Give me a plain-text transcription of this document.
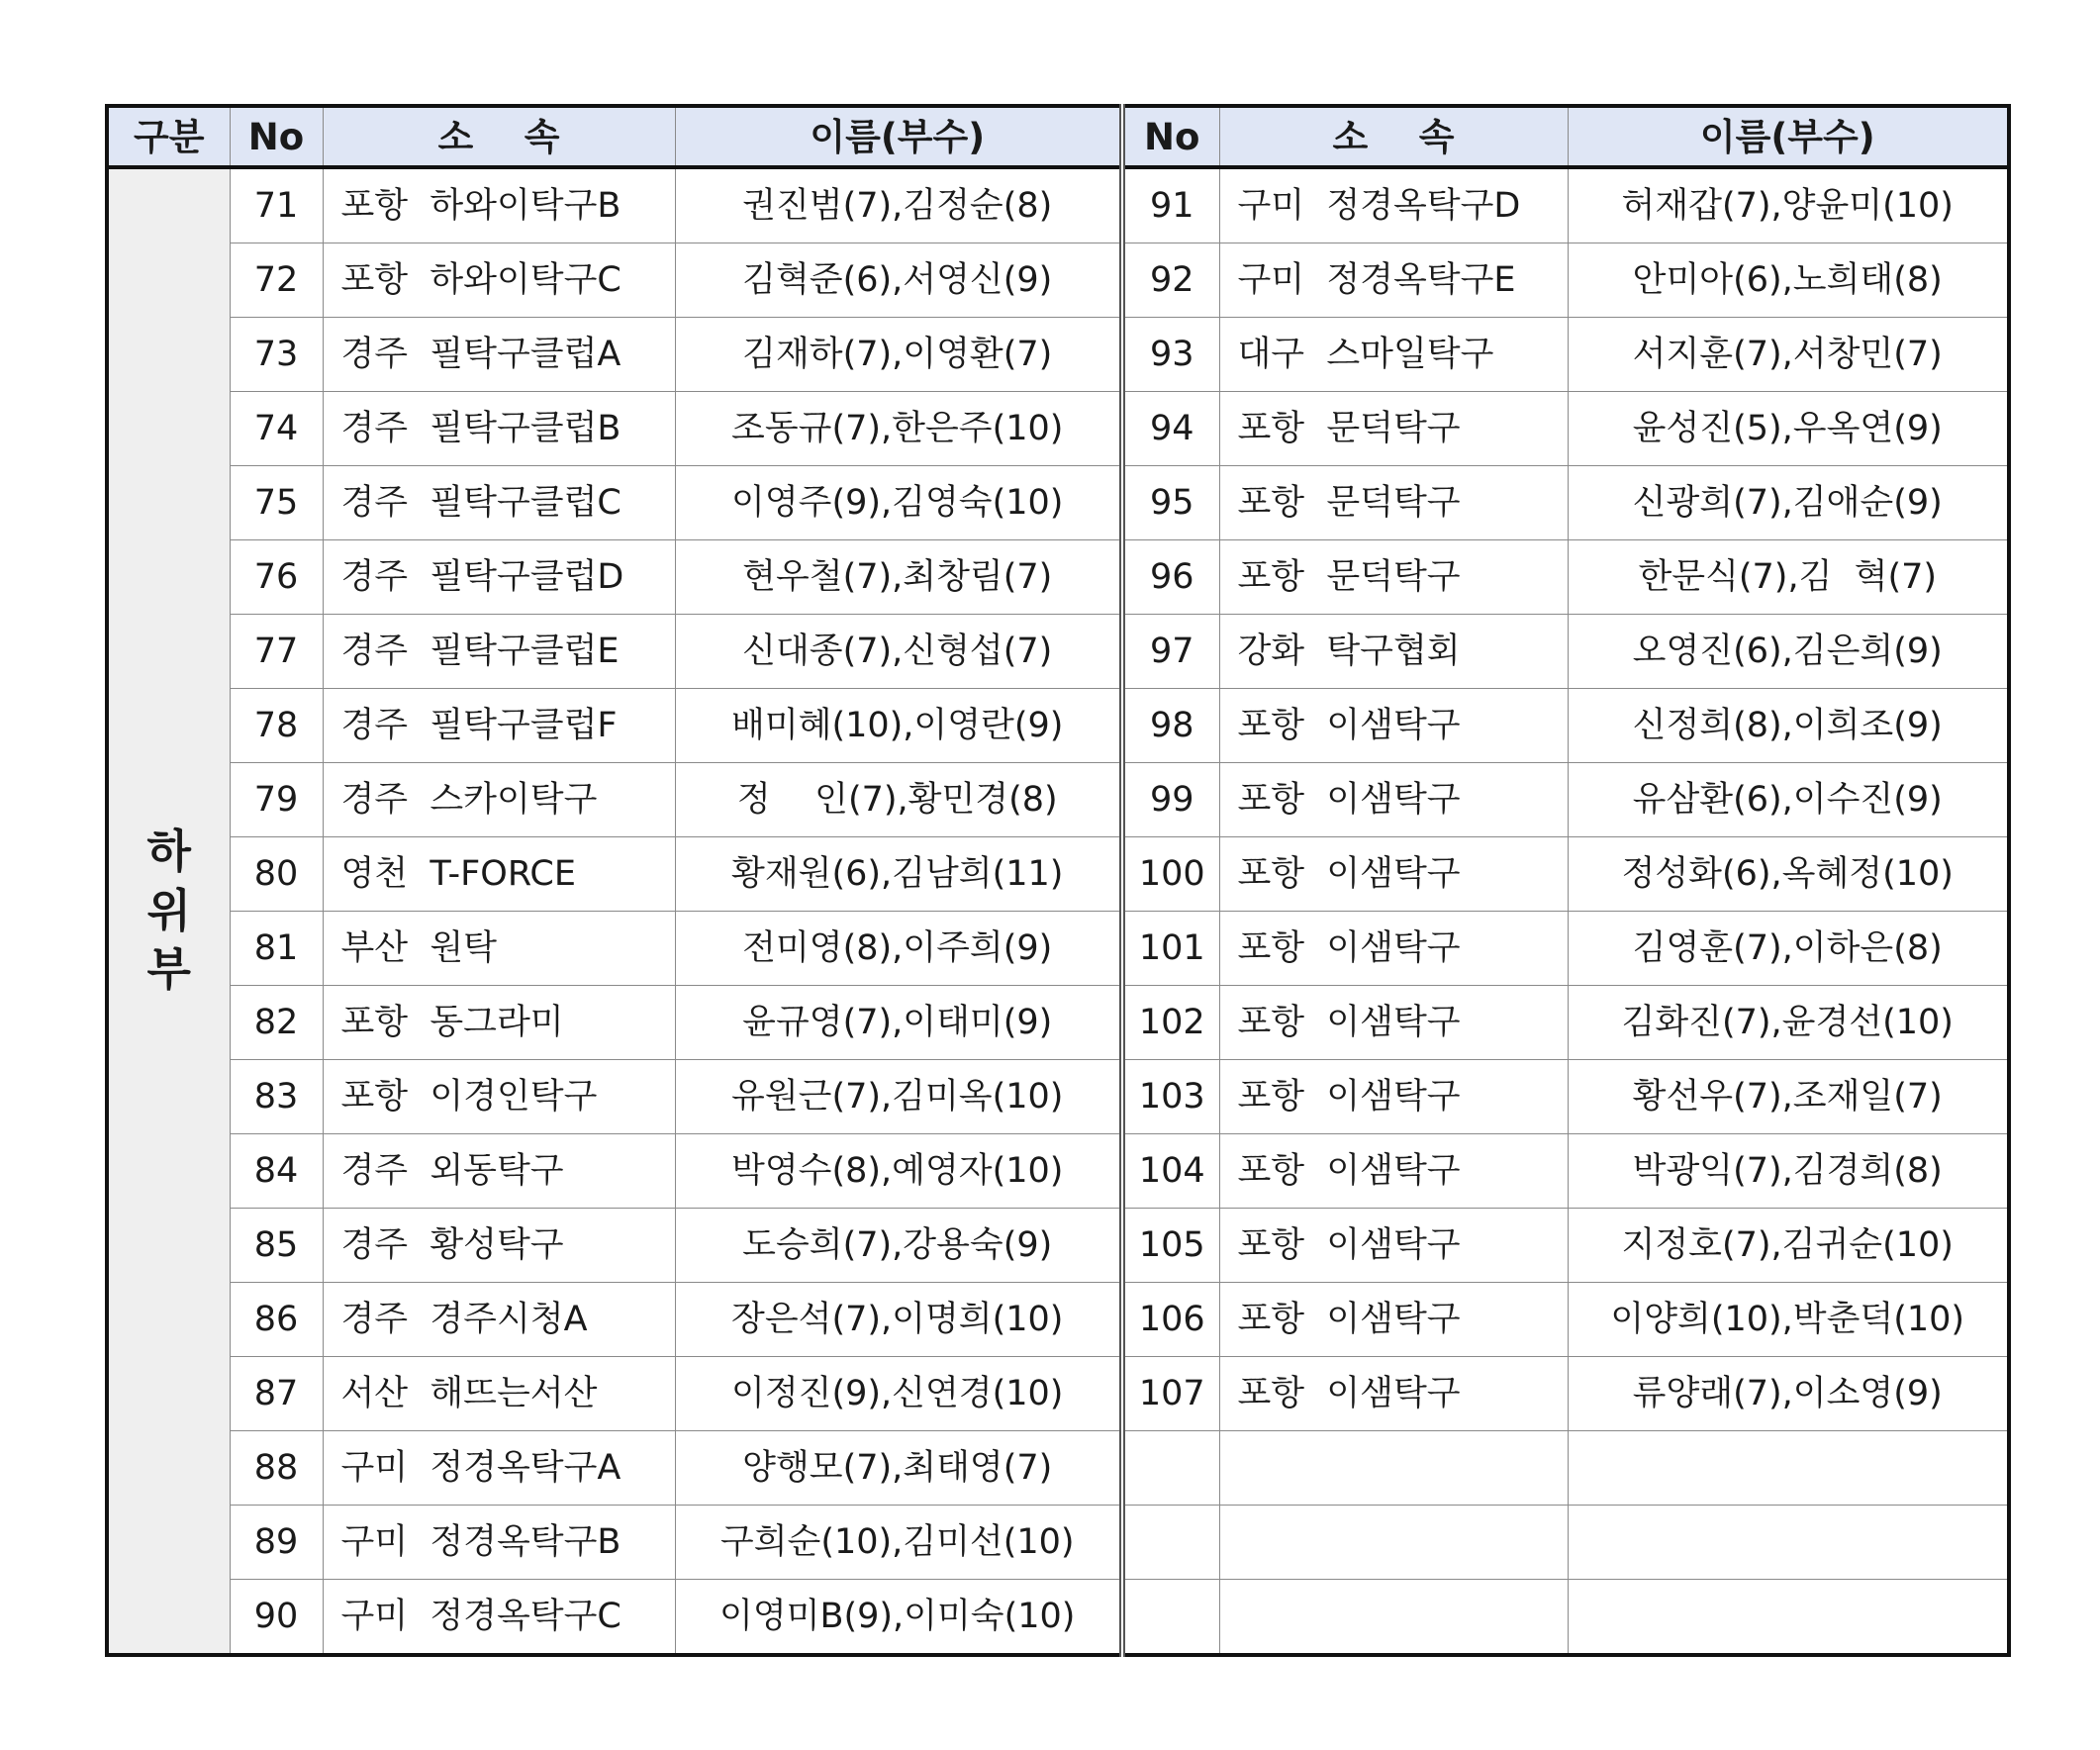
구분	No	소    속	이름(부수)	No	소    속	이름(부수)

하
위
부	71	포항  하와이탁구B	권진범(7),김정순(8)	91	구미  정경옥탁구D	허재갑(7),양윤미(10)
	72	포항  하와이탁구C	김혁준(6),서영신(9)	92	구미  정경옥탁구E	안미아(6),노희태(8)
	73	경주  필탁구클럽A	김재하(7),이영환(7)	93	대구  스마일탁구	서지훈(7),서창민(7)
	74	경주  필탁구클럽B	조동규(7),한은주(10)	94	포항  문덕탁구	윤성진(5),우옥연(9)
	75	경주  필탁구클럽C	이영주(9),김영숙(10)	95	포항  문덕탁구	신광희(7),김애순(9)
	76	경주  필탁구클럽D	현우철(7),최창림(7)	96	포항  문덕탁구	한문식(7),김  혁(7)
	77	경주  필탁구클럽E	신대종(7),신형섭(7)	97	강화  탁구협회	오영진(6),김은희(9)
	78	경주  필탁구클럽F	배미혜(10),이영란(9)	98	포항  이샘탁구	신정희(8),이희조(9)
	79	경주  스카이탁구	정    인(7),황민경(8)	99	포항  이샘탁구	유삼환(6),이수진(9)
	80	영천  T-FORCE	황재원(6),김남희(11)	100	포항  이샘탁구	정성화(6),옥혜정(10)
	81	부산  원탁	전미영(8),이주희(9)	101	포항  이샘탁구	김영훈(7),이하은(8)
	82	포항  동그라미	윤규영(7),이태미(9)	102	포항  이샘탁구	김화진(7),윤경선(10)
	83	포항  이경인탁구	유원근(7),김미옥(10)	103	포항  이샘탁구	황선우(7),조재일(7)
	84	경주  외동탁구	박영수(8),예영자(10)	104	포항  이샘탁구	박광익(7),김경희(8)
	85	경주  황성탁구	도승희(7),강용숙(9)	105	포항  이샘탁구	지정호(7),김귀순(10)
	86	경주  경주시청A	장은석(7),이명희(10)	106	포항  이샘탁구	이양희(10),박춘덕(10)
	87	서산  해뜨는서산	이정진(9),신연경(10)	107	포항  이샘탁구	류양래(7),이소영(9)
	88	구미  정경옥탁구A	양행모(7),최태영(7)			
	89	구미  정경옥탁구B	구희순(10),김미선(10)			
	90	구미  정경옥탁구C	이영미B(9),이미숙(10)			
